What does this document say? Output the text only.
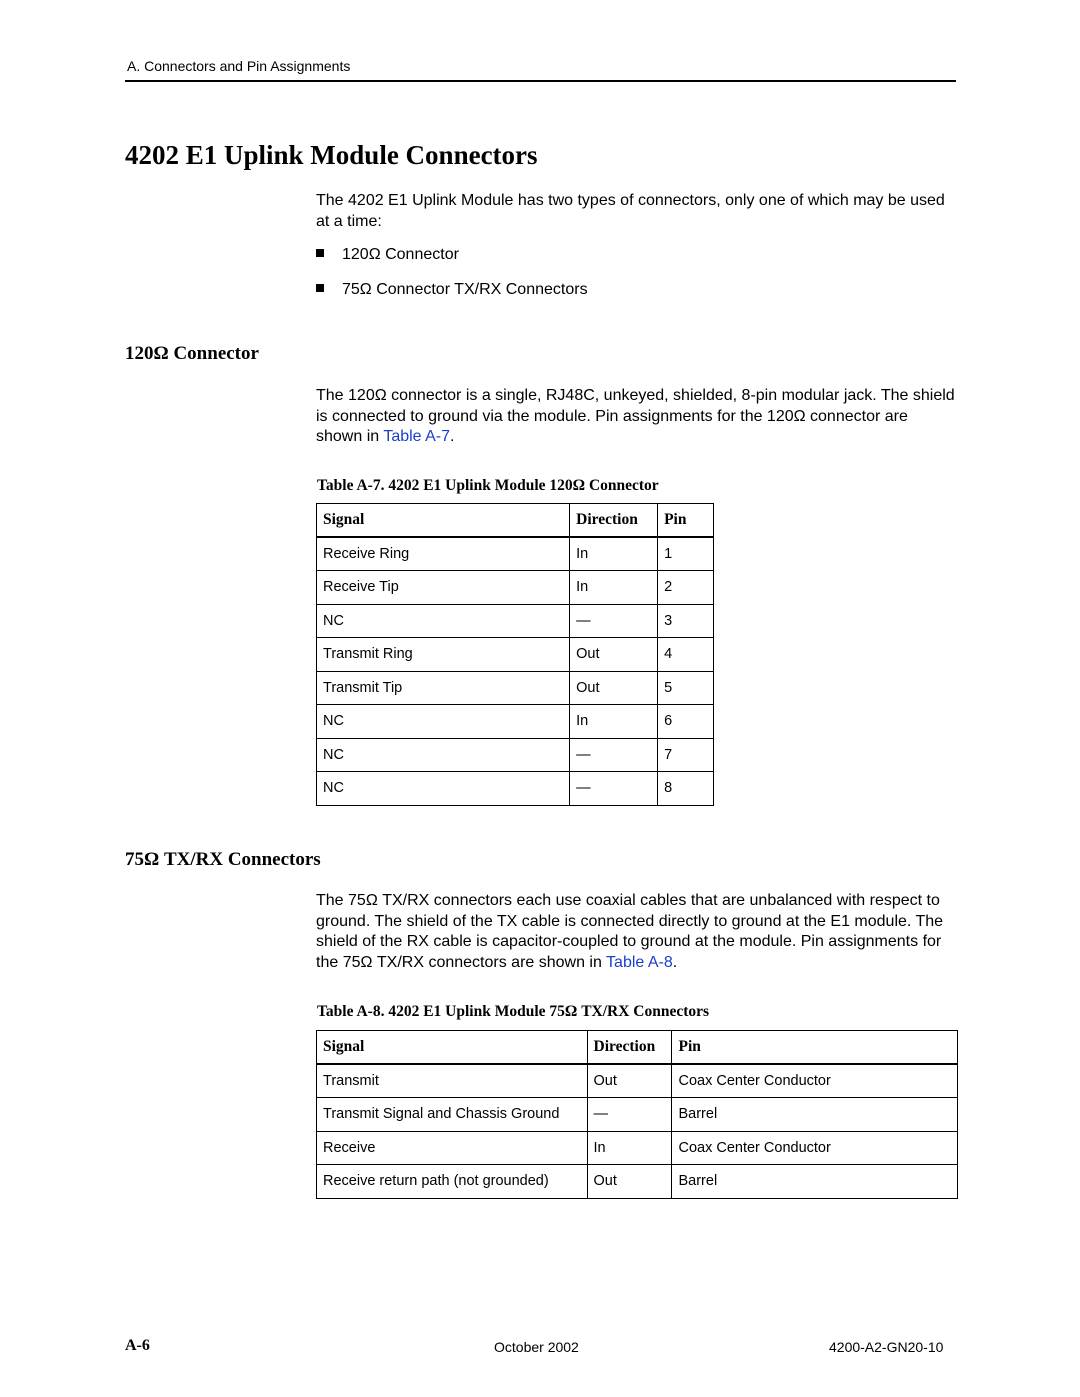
A. Connectors and Pin Assignments
4202 E1 Uplink Module Connectors
The 4202 E1 Uplink Module has two types of connectors, only one of which may be used at a time:
120Ω Connector
75Ω Connector TX/RX Connectors
120Ω Connector
The 120Ω connector is a single, RJ48C, unkeyed, shielded, 8-pin modular jack. The shield is connected to ground via the module. Pin assignments for the 120Ω connector are shown in Table A-7.
Table A-7. 4202 E1 Uplink Module 120Ω Connector
Signal	Direction	Pin
Receive Ring	In	1
Receive Tip	In	2
NC	—	3
Transmit Ring	Out	4
Transmit Tip	Out	5
NC	In	6
NC	—	7
NC	—	8
75Ω TX/RX Connectors
The 75Ω TX/RX connectors each use coaxial cables that are unbalanced with respect to ground. The shield of the TX cable is connected directly to ground at the E1 module. The shield of the RX cable is capacitor-coupled to ground at the module. Pin assignments for the 75Ω TX/RX connectors are shown in Table A-8.
Table A-8. 4202 E1 Uplink Module 75Ω TX/RX Connectors
Signal	Direction	Pin
Transmit	Out	Coax Center Conductor
Transmit Signal and Chassis Ground	—	Barrel
Receive	In	Coax Center Conductor
Receive return path (not grounded)	Out	Barrel
A-6	October 2002	4200-A2-GN20-10
